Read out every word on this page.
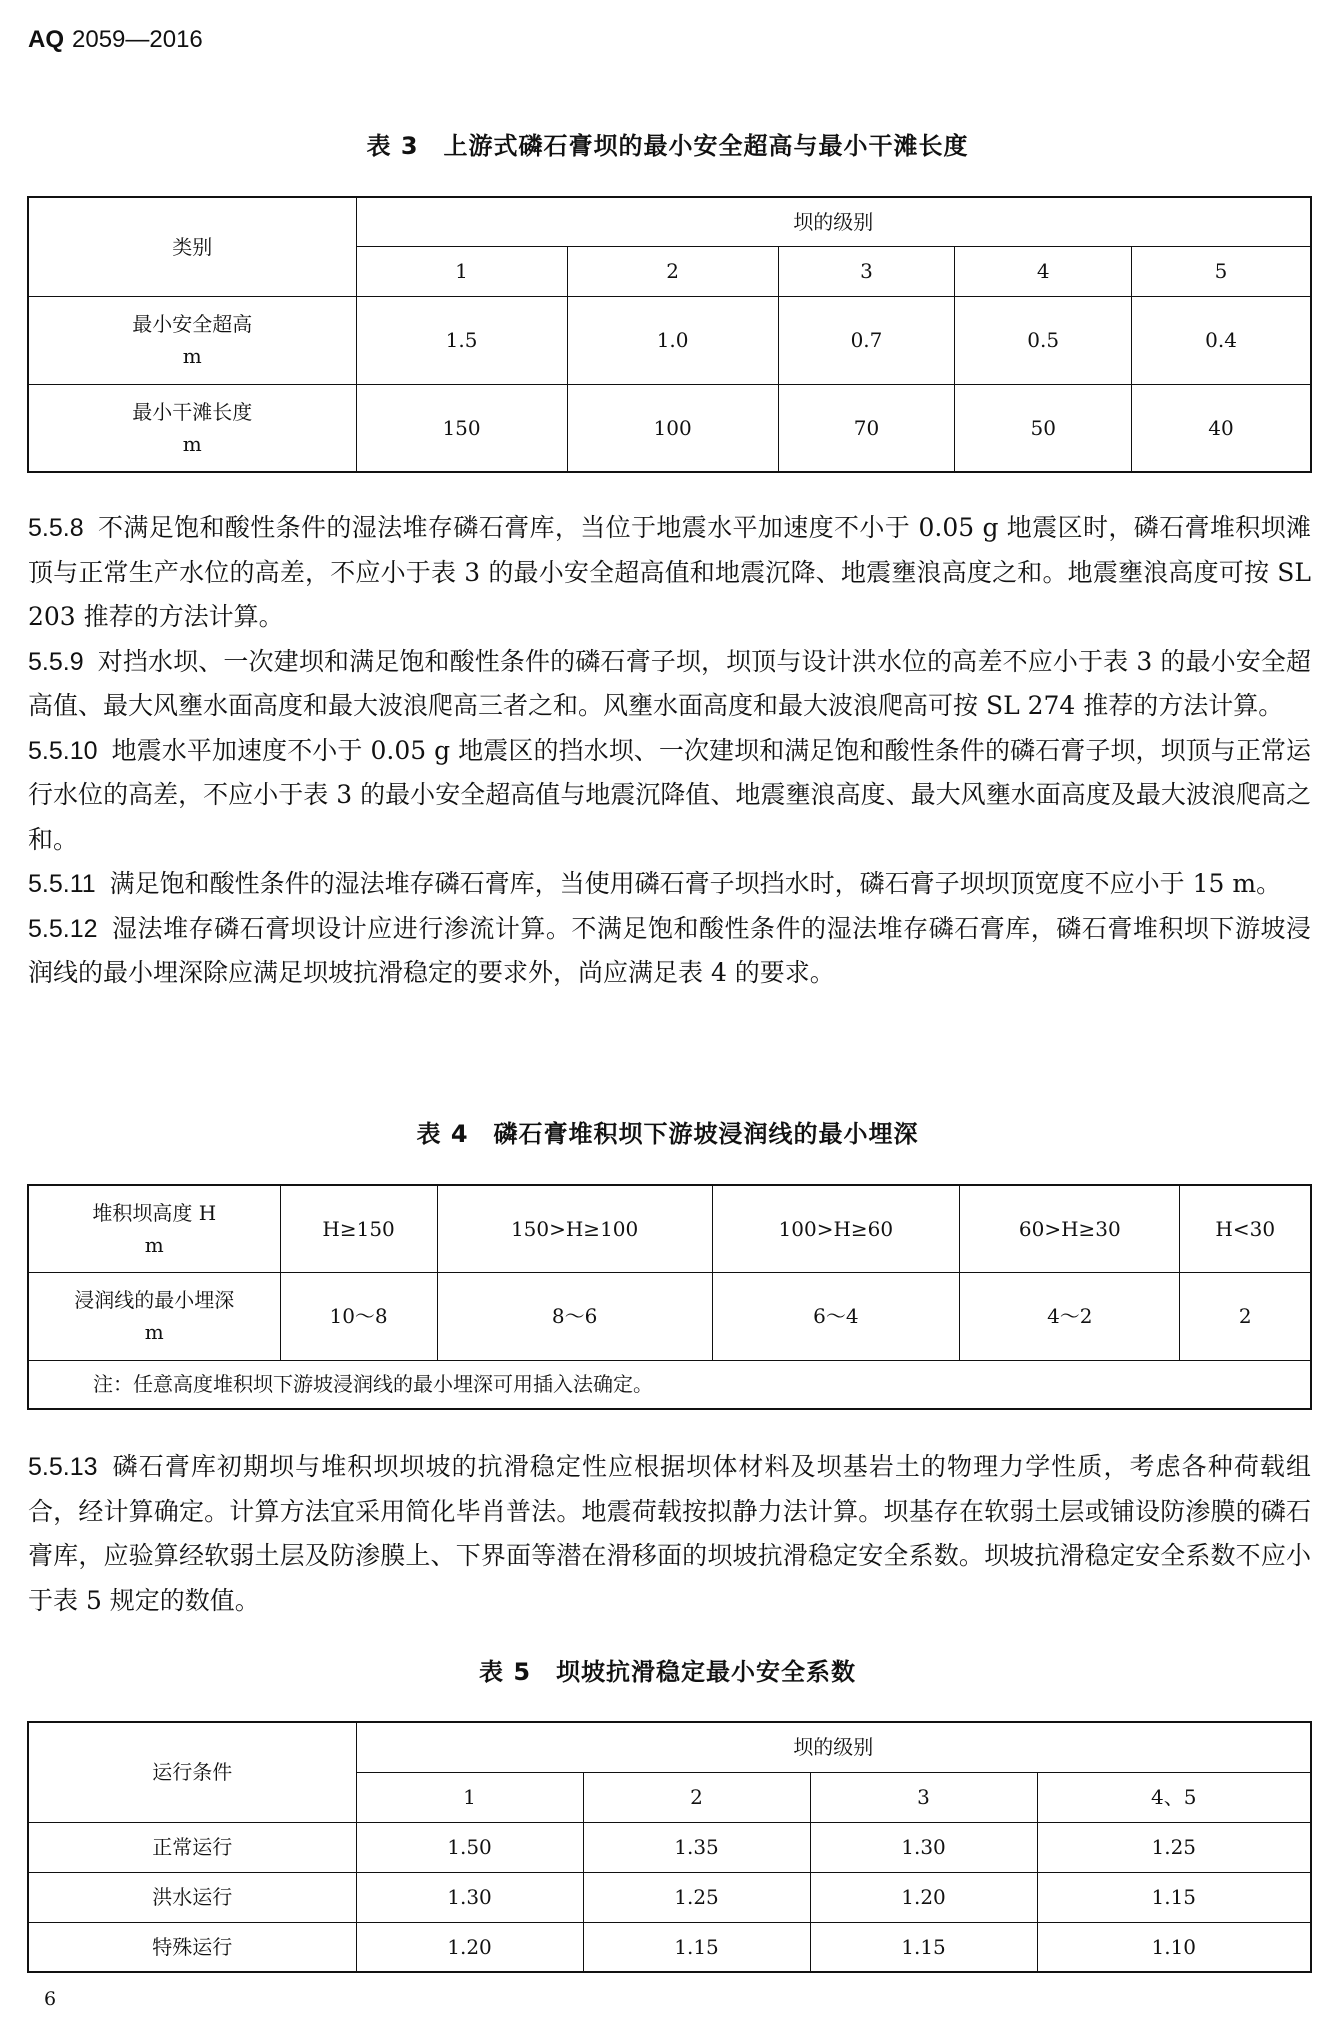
AQ 2059—2016
表 3　上游式磷石膏坝的最小安全超高与最小干滩长度
类别	坝的级别				
	1	2	3	4	5

最小安全超高
m	1.5	1.0	0.7	0.5	0.4

最小干滩长度
m	150	100	70	50	40

5.5.8 不满足饱和酸性条件的湿法堆存磷石膏库，当位于地震水平加速度不小于 0.05 g 地震区时，磷石膏堆积坝滩顶与正常生产水位的高差，不应小于表 3 的最小安全超高值和地震沉降、地震壅浪高度之和。地震壅浪高度可按 SL 203 推荐的方法计算。

5.5.9 对挡水坝、一次建坝和满足饱和酸性条件的磷石膏子坝，坝顶与设计洪水位的高差不应小于表 3 的最小安全超高值、最大风壅水面高度和最大波浪爬高三者之和。风壅水面高度和最大波浪爬高可按 SL 274 推荐的方法计算。

5.5.10 地震水平加速度不小于 0.05 g 地震区的挡水坝、一次建坝和满足饱和酸性条件的磷石膏子坝，坝顶与正常运行水位的高差，不应小于表 3 的最小安全超高值与地震沉降值、地震壅浪高度、最大风壅水面高度及最大波浪爬高之和。

5.5.11 满足饱和酸性条件的湿法堆存磷石膏库，当使用磷石膏子坝挡水时，磷石膏子坝坝顶宽度不应小于 15 m。

5.5.12 湿法堆存磷石膏坝设计应进行渗流计算。不满足饱和酸性条件的湿法堆存磷石膏库，磷石膏堆积坝下游坡浸润线的最小埋深除应满足坝坡抗滑稳定的要求外，尚应满足表 4 的要求。

表 4　磷石膏堆积坝下游坡浸润线的最小埋深
堆积坝高度 H
m	H≥150	150>H≥100	100>H≥60	60>H≥30	H<30

浸润线的最小埋深
m	10～8	8～6	6～4	4～2	2
注：任意高度堆积坝下游坡浸润线的最小埋深可用插入法确定。					

5.5.13 磷石膏库初期坝与堆积坝坝坡的抗滑稳定性应根据坝体材料及坝基岩土的物理力学性质，考虑各种荷载组合，经计算确定。计算方法宜采用简化毕肖普法。地震荷载按拟静力法计算。坝基存在软弱土层或铺设防渗膜的磷石膏库，应验算经软弱土层及防渗膜上、下界面等潜在滑移面的坝坡抗滑稳定安全系数。坝坡抗滑稳定安全系数不应小于表 5 规定的数值。

表 5　坝坡抗滑稳定最小安全系数
运行条件	坝的级别			
	1	2	3	4、5
正常运行	1.50	1.35	1.30	1.25
洪水运行	1.30	1.25	1.20	1.15
特殊运行	1.20	1.15	1.15	1.10
6
